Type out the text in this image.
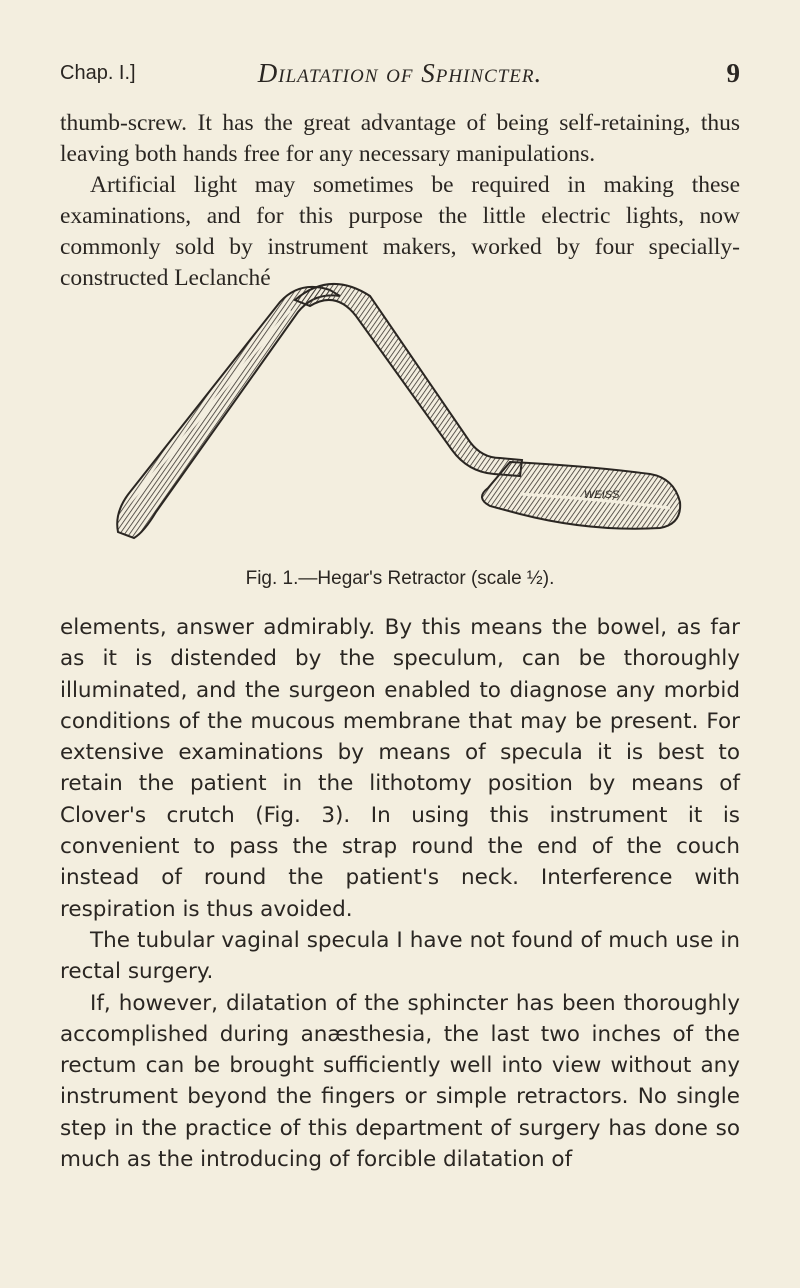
Chap. I.]	Dilatation of Sphincter.	9

thumb-screw. It has the great advantage of being self-retaining, thus leaving both hands free for any necessary manipulations.

Artificial light may sometimes be required in making these examinations, and for this purpose the little electric lights, now commonly sold by instrument makers, worked by four specially-constructed Leclanché

WEISS
Fig. 1.—Hegar's Retractor (scale ½).

elements, answer admirably. By this means the bowel, as far as it is distended by the speculum, can be thoroughly illuminated, and the surgeon enabled to diagnose any morbid conditions of the mucous membrane that may be present. For extensive examinations by means of specula it is best to retain the patient in the lithotomy position by means of Clover's crutch (Fig. 3). In using this instrument it is convenient to pass the strap round the end of the couch instead of round the patient's neck. Interference with respiration is thus avoided.

The tubular vaginal specula I have not found of much use in rectal surgery.

If, however, dilatation of the sphincter has been thoroughly accomplished during anæsthesia, the last two inches of the rectum can be brought sufficiently well into view without any instrument beyond the fingers or simple retractors. No single step in the practice of this department of surgery has done so much as the introducing of forcible dilatation of
